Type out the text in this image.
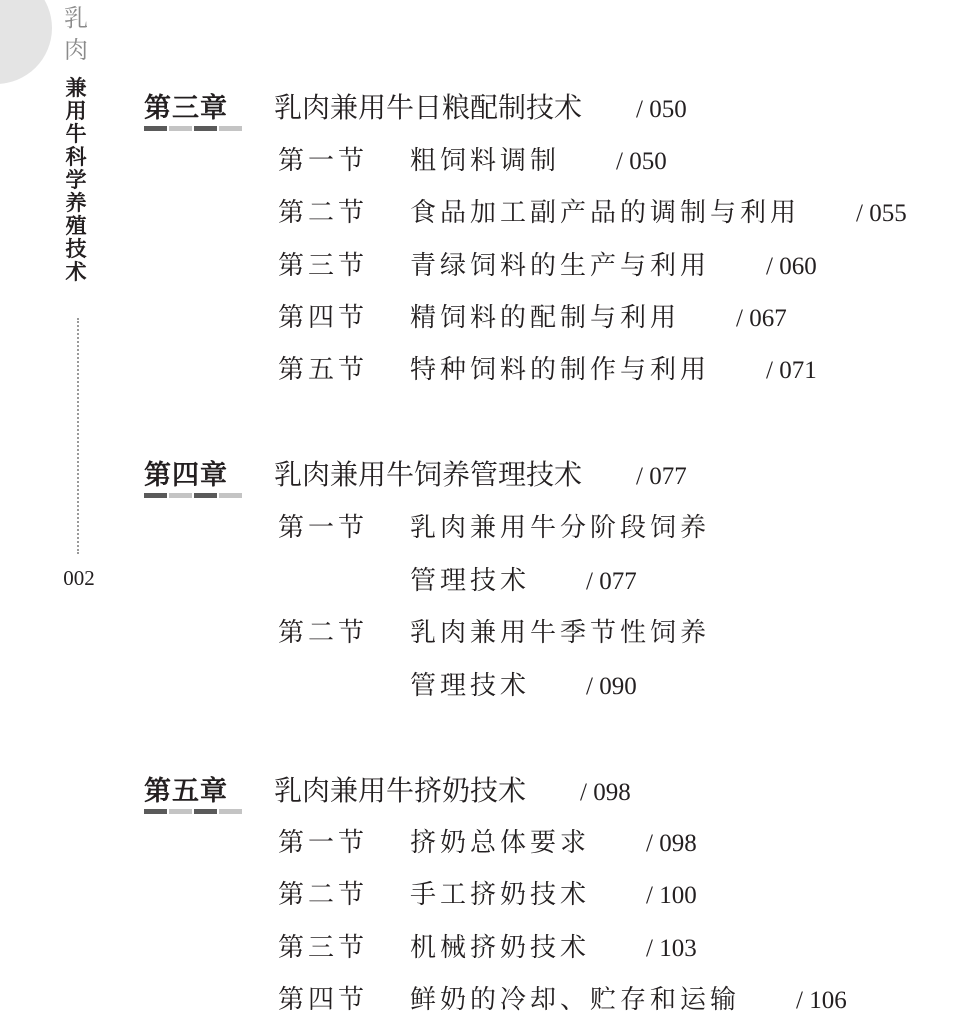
乳
肉
兼
用
牛
科
学
养
殖
技
术
002
第三章 乳肉兼用牛日粮配制技术 / 050
第一节 粗饲料调制 / 050
第二节 食品加工副产品的调制与利用 / 055
第三节 青绿饲料的生产与利用 / 060
第四节 精饲料的配制与利用 / 067
第五节 特种饲料的制作与利用 / 071
第四章 乳肉兼用牛饲养管理技术 / 077
第一节 乳肉兼用牛分阶段饲养
管理技术 / 077
第二节 乳肉兼用牛季节性饲养
管理技术 / 090
第五章 乳肉兼用牛挤奶技术 / 098
第一节 挤奶总体要求 / 098
第二节 手工挤奶技术 / 100
第三节 机械挤奶技术 / 103
第四节 鲜奶的冷却、贮存和运输 / 106
